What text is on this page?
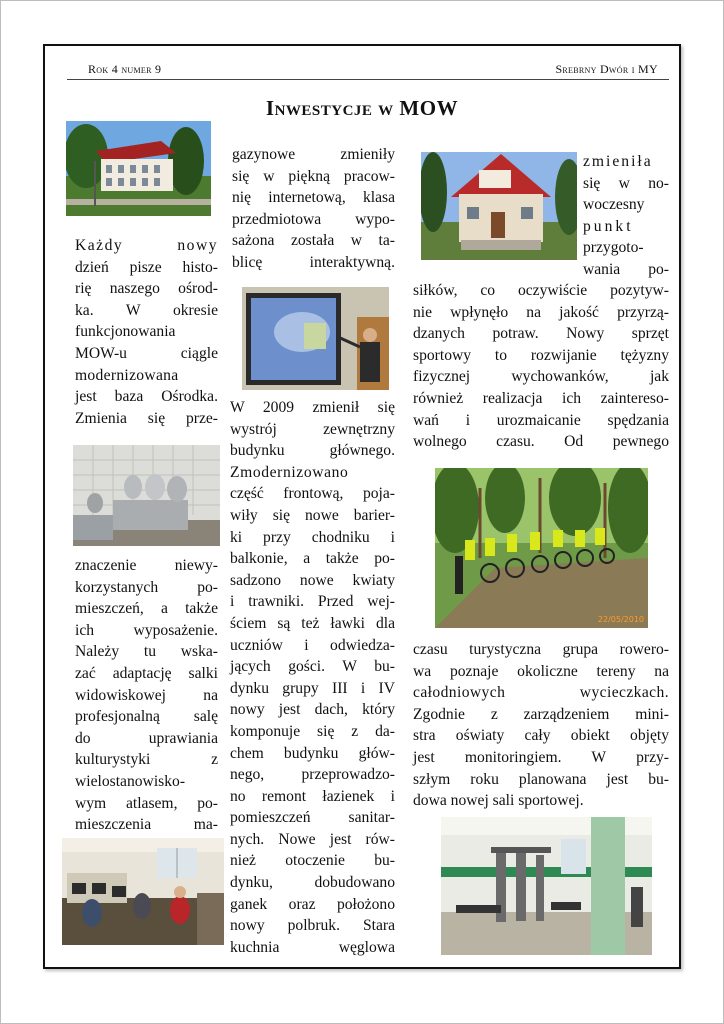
Rok 4 numer 9	Srebrny Dwór i MY
Inwestycje w MOW
Każdy nowy
dzień pisze histo-
rię naszego ośrod-
ka. W okresie
funkcjonowania
MOW-u ciągle
modernizowana
jest baza Ośrodka.
Zmienia się prze-
znaczenie niewy-
korzystanych po-
mieszczeń, a także
ich wyposażenie.
Należy tu wska-
zać adaptację salki
widowiskowej na
profesjonalną salę
do uprawiania
kulturystyki z
wielostanowisko-
wym atlasem, po-
mieszczenia ma-
gazynowe zmieniły
się w piękną pracow-
nię internetową, klasa
przedmiotowa wypo-
sażona została w ta-
blicę interaktywną.
W 2009 zmienił się
wystrój zewnętrzny
budynku głównego.
Zmodernizowano
część frontową, poja-
wiły się nowe barier-
ki przy chodniku i
balkonie, a także po-
sadzono nowe kwiaty
i trawniki. Przed wej-
ściem są też ławki dla
uczniów i odwiedza-
jących gości. W bu-
dynku grupy III i IV
nowy jest dach, który
komponuje się z da-
chem budynku głów-
nego, przeprowadzo-
no remont łazienek i
pomieszczeń sanitar-
nych. Nowe jest rów-
nież otoczenie bu-
dynku, dobudowano
ganek oraz położono
nowy polbruk. Stara
kuchnia węglowa
zmieniła
się w no-
woczesny
punkt
przygoto-
wania po-
siłków, co oczywiście pozytyw-
nie wpłynęło na jakość przyrzą-
dzanych potraw. Nowy sprzęt
sportowy to rozwijanie tężyzny
fizycznej wychowanków, jak
również realizacja ich zaintereso-
wań i urozmaicanie spędzania
wolnego czasu. Od pewnego
22/05/2010
czasu turystyczna grupa rowero-
wa poznaje okoliczne tereny na
całodniowych wycieczkach.
Zgodnie z zarządzeniem mini-
stra oświaty cały obiekt objęty
jest monitoringiem. W przy-
szłym roku planowana jest bu-
dowa nowej sali sportowej.
